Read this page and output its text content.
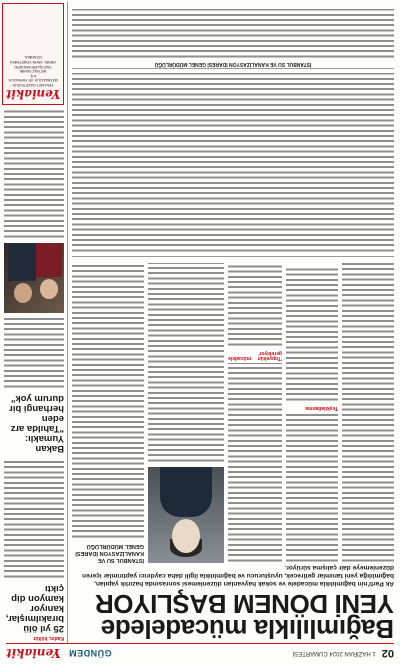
02
1 HAZİRAN 2024 CUMARTESİ
GÜNDEM
Yeniakit
Bağımlılıkla mücadelede YENİ DÖNEM BAŞLIYOR
Ak Parti'nin bağımlılıkla mücadele ve sokak hayvanları düzenlemesi sonrasında hazırlık yapılan, bağımlılığa yeni tanımlar getirecek, uyuşturucu ve bağımlılıkla ilgili daha caydırıcı yaptırımlar içeren düzenlemeye dair çalışma sürüyor.
Teşkilatlanma
'Topyekün mücadele gerekiyor'
İSTANBUL SU VE KANALİZASYON İDARESİ GENEL MÜDÜRLÜĞÜ
İSTANBUL SU VE KANALİZASYON İDARESİ GENEL MÜDÜRLÜĞÜ
Kadın, kültür
25 yıl ölü bırakılmışlar, kanıyor kamyon dip çıktı
Bakan Yumaklı: "Tahılda arz eden herhangi bir durum yok"
Yeniakit
YENİ AKİT GAZETECİLİK
MATBAACILIK VE YAYINCILIK A.Ş.
İMTİYAZ SAHİBİ
YAZI İŞLERİ MÜDÜRÜ
GENEL YAYIN YÖNETMENİ
İSTANBUL
